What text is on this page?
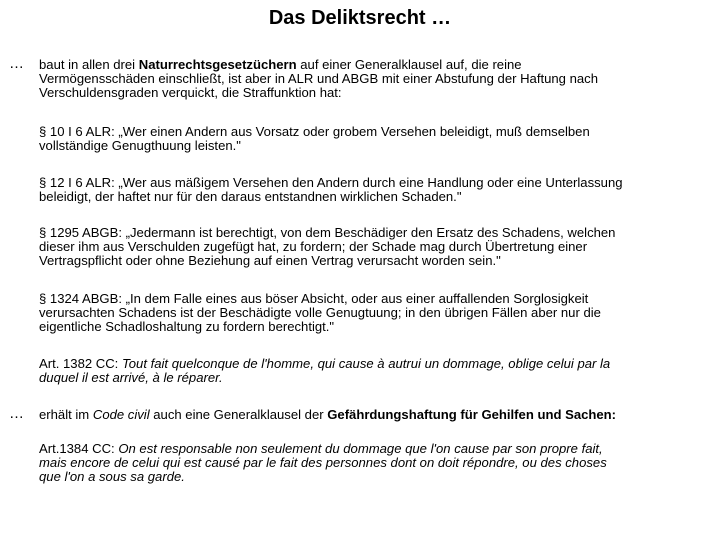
Das Deliktsrecht …
… baut in allen drei Naturrechtsgesetzüchern auf einer Generalklausel auf, die reine
Vermögensschäden einschließt, ist aber in ALR und ABGB mit einer Abstufung der Haftung nach
Verschuldensgraden verquickt, die Straffunktion hat:
§ 10 I 6 ALR: „Wer einen Andern aus Vorsatz oder grobem Versehen beleidigt, muß demselben
vollständige Genugthuung leisten."
§ 12 I 6 ALR: „Wer aus mäßigem Versehen den Andern durch eine Handlung oder eine Unterlassung
beleidigt, der haftet nur für den daraus entstandnen wirklichen Schaden."
§ 1295 ABGB: „Jedermann ist berechtigt, von dem Beschädiger den Ersatz des Schadens, welchen
dieser ihm aus Verschulden zugefügt hat, zu fordern; der Schade mag durch Übertretung einer
Vertragspflicht oder ohne Beziehung auf einen Vertrag verursacht worden sein."
§ 1324 ABGB: „In dem Falle eines aus böser Absicht, oder aus einer auffallenden Sorglosigkeit
verursachten Schadens ist der Beschädigte volle Genugtuung; in den übrigen Fällen aber nur die
eigentliche Schadloshaltung zu fordern berechtigt."
Art. 1382 CC: Tout fait quelconque de l'homme, qui cause à autrui un dommage, oblige celui par la
duquel il est arrivé, à le réparer.
… erhält im Code civil auch eine Generalklausel der Gefährdungshaftung für Gehilfen und Sachen:
Art.1384 CC: On est responsable non seulement du dommage que l'on cause par son propre fait,
mais encore de celui qui est causé par le fait des personnes dont on doit répondre, ou des choses
que l'on a sous sa garde.
